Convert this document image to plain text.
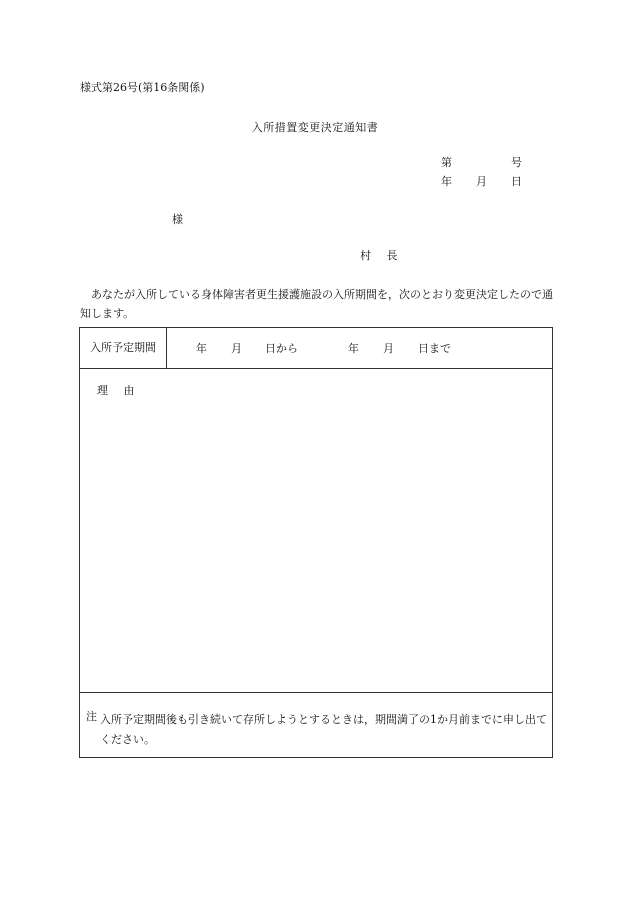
様式第26号(第16条関係)
入所措置変更決定通知書
第	号
年 月 日
様
村 長
あなたが入所している身体障害者更生援護施設の入所期間を，次のとおり変更決定したので通知します。
入所予定期間	年 月 日から	年 月 日まで
理 由
注 入所予定期間後も引き続いて存所しようとするときは，期間満了の1か月前までに申し出てください。
